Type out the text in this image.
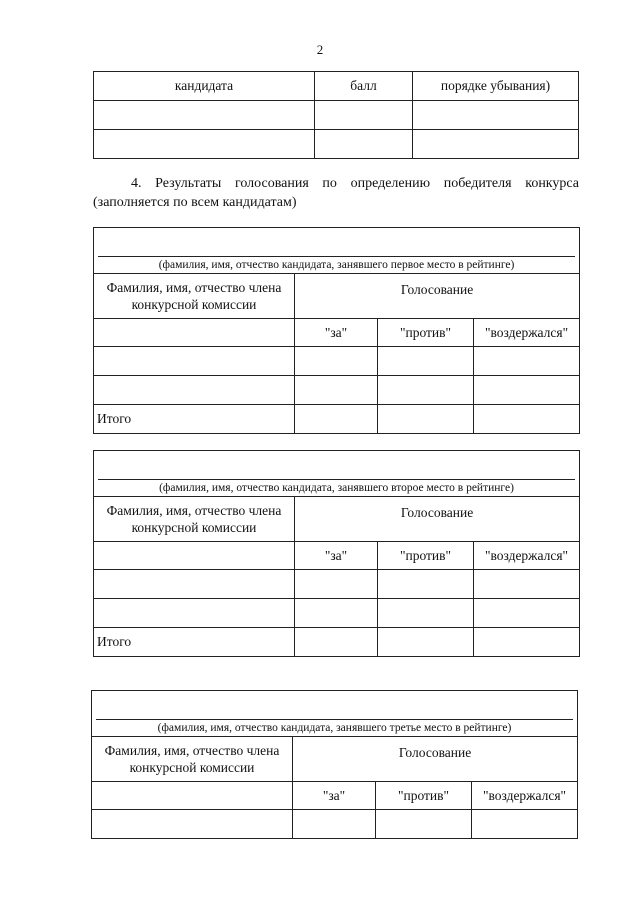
2
кандидата	балл	порядке убывания)

4. Результаты голосования по определению победителя конкурса (заполняется по всем кандидатам)
(фамилия, имя, отчество кандидата, занявшего первое место в рейтинге)			

Фамилия, имя, отчество члена конкурсной комиссии	Голосование		
	"за"	"против"	"воздержался"

Итого			
(фамилия, имя, отчество кандидата, занявшего второе место в рейтинге)			

Фамилия, имя, отчество члена конкурсной комиссии	Голосование		
	"за"	"против"	"воздержался"

Итого			
(фамилия, имя, отчество кандидата, занявшего третье место в рейтинге)			

Фамилия, имя, отчество члена конкурсной комиссии	Голосование		
	"за"	"против"	"воздержался"
